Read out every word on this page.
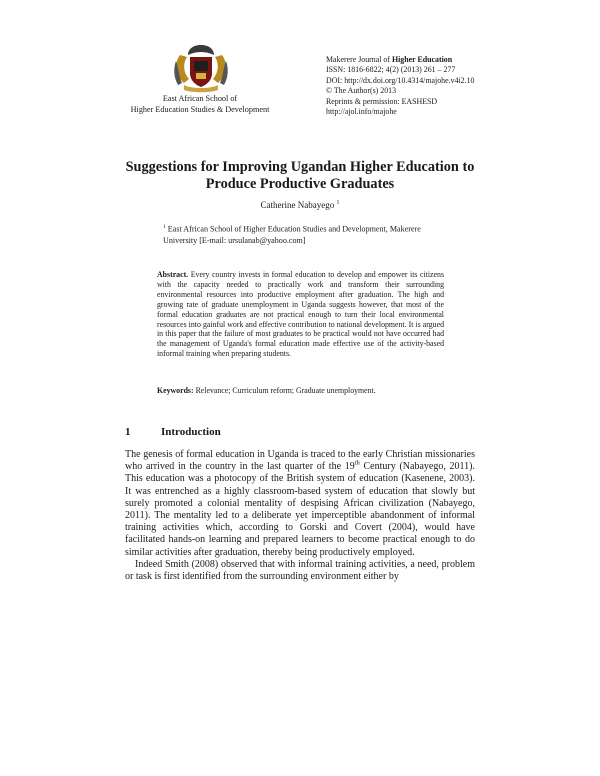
East African School of
Higher Education Studies & Development
Makerere Journal of Higher Education
ISSN: 1816-6822; 4(2) (2013) 261 – 277
DOI: http://dx.doi.org/10.4314/majohe.v4i2.10
© The Author(s) 2013
Reprints & permission: EASHESD
http://ajol.info/majohe
Suggestions for Improving Ugandan Higher Education to Produce Productive Graduates
Catherine Nabayego $^1$
$^1$ East African School of Higher Education Studies and Development, Makerere University [E-mail: ursulanab@yahoo.com]
Abstract. Every country invests in formal education to develop and empower its citizens with the capacity needed to practically work and transform their surrounding environmental resources into productive employment after graduation. The high and growing rate of graduate unemployment in Uganda suggests however, that most of the formal education graduates are not practical enough to turn their local environmental resources into gainful work and effective contribution to national development. It is argued in this paper that the failure of most graduates to be practical would not have occurred had the management of Uganda's formal education made effective use of the activity-based informal training when preparing students.
Keywords: Relevance; Curriculum reform; Graduate unemployment.
1	Introduction

The genesis of formal education in Uganda is traced to the early Christian missionaries who arrived in the country in the last quarter of the 19th Century (Nabayego, 2011). This education was a photocopy of the British system of education (Kasenene, 2003). It was entrenched as a highly classroom-based system of education that slowly but surely promoted a colonial mentality of despising African civilization (Nabayego, 2011). The mentality led to a deliberate yet imperceptible abandonment of informal training activities which, according to Gorski and Covert (2004), would have facilitated hands-on learning and prepared learners to become practical enough to do similar activities after graduation, thereby being productively employed.

Indeed Smith (2008) observed that with informal training activities, a need, problem or task is first identified from the surrounding environment either by
